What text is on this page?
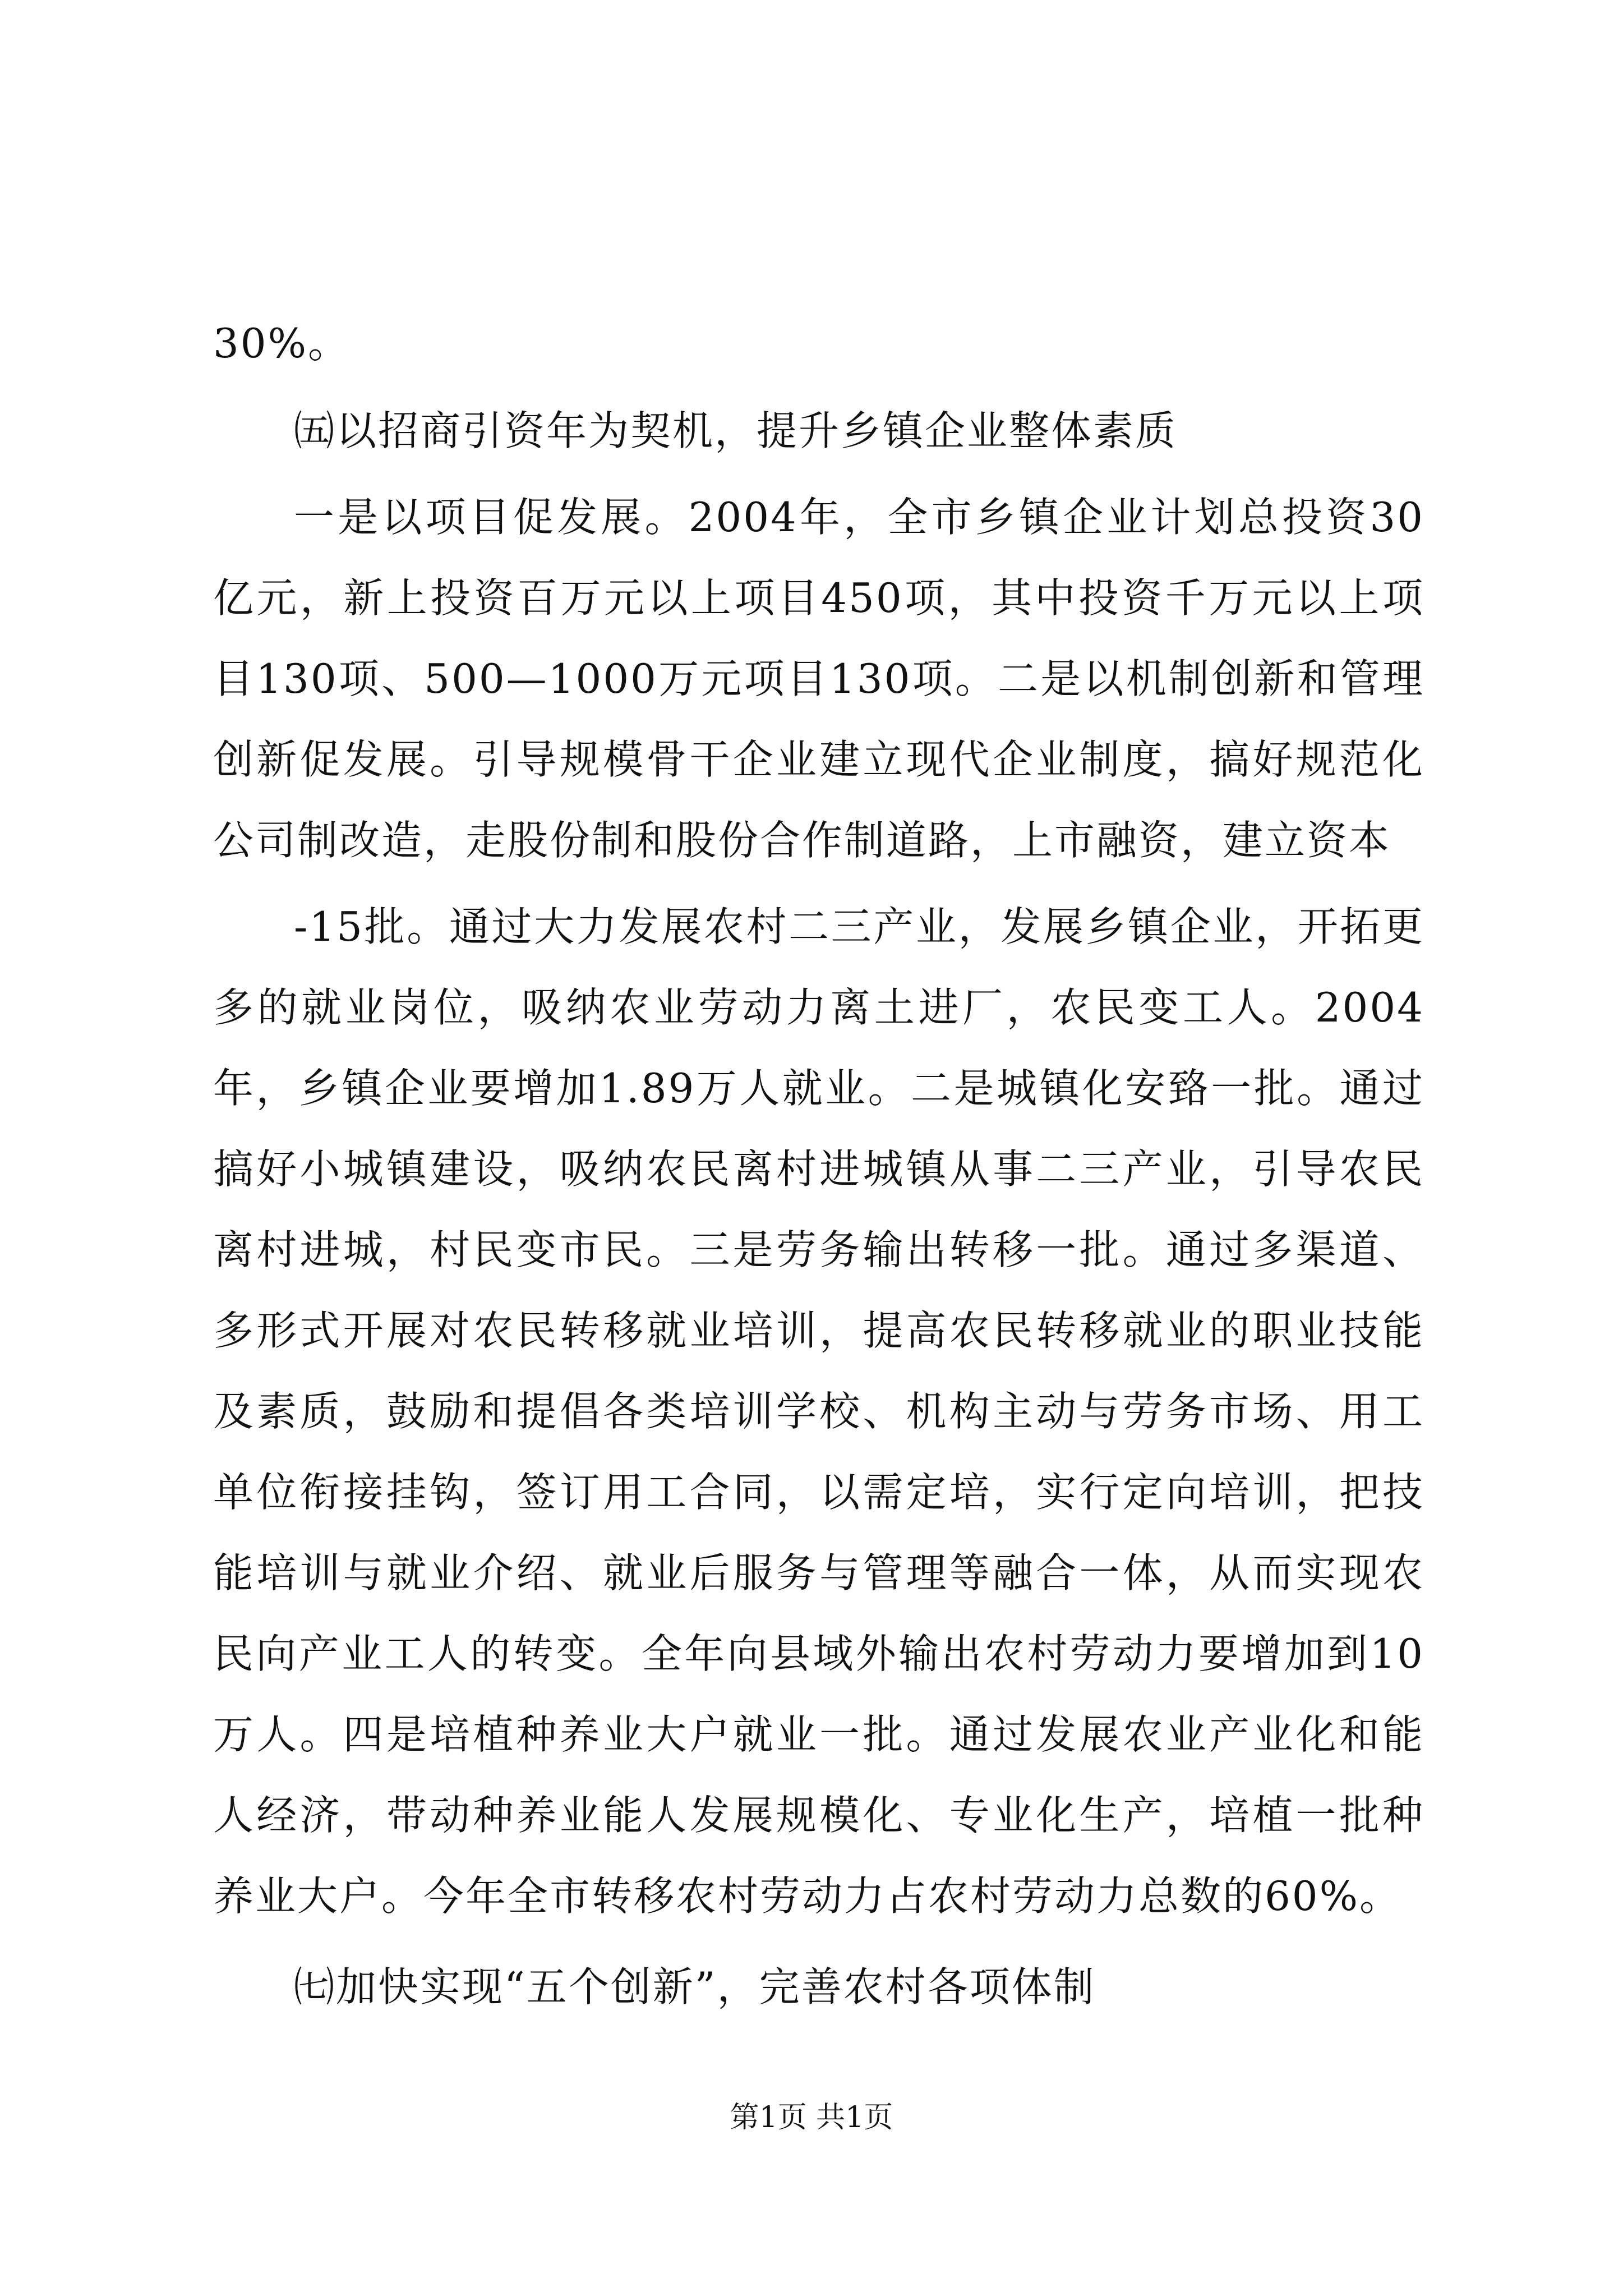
30%。

㈤以招商引资年为契机，提升乡镇企业整体素质

一是以项目促发展。2004年，全市乡镇企业计划总投资30亿元，新上投资百万元以上项目450项，其中投资千万元以上项目130项、500—1000万元项目130项。二是以机制创新和管理创新促发展。引导规模骨干企业建立现代企业制度，搞好规范化公司制改造，走股份制和股份合作制道路，上市融资，建立资本

-15批。通过大力发展农村二三产业，发展乡镇企业，开拓更多的就业岗位，吸纳农业劳动力离土进厂，农民变工人。2004年，乡镇企业要增加1.89万人就业。二是城镇化安臵一批。通过搞好小城镇建设，吸纳农民离村进城镇从事二三产业，引导农民离村进城，村民变市民。三是劳务输出转移一批。通过多渠道、多形式开展对农民转移就业培训，提高农民转移就业的职业技能及素质，鼓励和提倡各类培训学校、机构主动与劳务市场、用工单位衔接挂钩，签订用工合同，以需定培，实行定向培训，把技能培训与就业介绍、就业后服务与管理等融合一体，从而实现农民向产业工人的转变。全年向县域外输出农村劳动力要增加到10万人。四是培植种养业大户就业一批。通过发展农业产业化和能人经济，带动种养业能人发展规模化、专业化生产，培植一批种养业大户。今年全市转移农村劳动力占农村劳动力总数的60%。

㈦加快实现“五个创新”，完善农村各项体制

第1页 共1页
